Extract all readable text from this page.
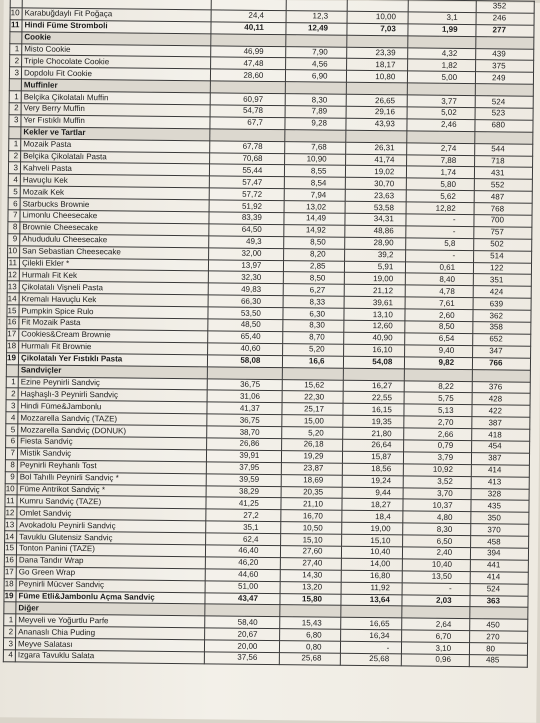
						352
10	Karabuğdaylı Fit Poğaça	24,4	12,3	10,00	3,1	246
11	Hindi Füme Stromboli	40,11	12,49	7,03	1,99	277
	Cookie					
1	Misto Cookie	46,99	7,90	23,39	4,32	439
2	Triple Chocolate Cookie	47,48	4,56	18,17	1,82	375
3	Dopdolu Fit Cookie	28,60	6,90	10,80	5,00	249
	Muffinler					
1	Belçika Çikolatalı Muffin	60,97	8,30	26,65	3,77	524
2	Very Berry Muffin	54,78	7,89	29,16	5,02	523
3	Yer Fıstıklı Muffin	67,7	9,28	43,93	2,46	680
	Kekler ve Tartlar					
1	Mozaik Pasta	67,78	7,68	26,31	2,74	544
2	Belçika Çikolatalı Pasta	70,68	10,90	41,74	7,88	718
3	Kahveli Pasta	55,44	8,55	19,02	1,74	431
4	Havuçlu Kek	57,47	8,54	30,70	5,80	552
5	Mozaik Kek	57,72	7,94	23,63	5,62	487
6	Starbucks Brownie	51,92	13,02	53,58	12,82	768
7	Limonlu Cheesecake	83,39	14,49	34,31	-	700
8	Brownie Cheesecake	64,50	14,92	48,86	-	757
9	Ahududulu Cheesecake	49,3	8,50	28,90	5,8	502
10	San Sebastian Cheesecake	32,00	8,20	39,2	-	514
11	Çilekli Ekler *	13,97	2,85	5,91	0,61	122
12	Hurmalı Fit Kek	32,30	8,50	19,00	8,40	351
13	Çikolatalı Vişneli Pasta	49,83	6,27	21,12	4,78	424
14	Kremalı Havuçlu Kek	66,30	8,33	39,61	7,61	639
15	Pumpkin Spice Rulo	53,50	6,30	13,10	2,60	362
16	Fit Mozaik Pasta	48,50	8,30	12,60	8,50	358
17	Cookies&Cream Brownie	65,40	8,70	40,90	6,54	652
18	Hurmalı Fit Brownie	40,60	5,20	16,10	9,40	347
19	Çikolatalı Yer Fıstıklı Pasta	58,08	16,6	54,08	9,82	766
	Sandviçler					
1	Ezine Peynirli Sandviç	36,75	15,62	16,27	8,22	376
2	Haşhaşlı-3 Peynirli Sandviç	31,06	22,30	22,55	5,75	428
3	Hindi Füme&Jambonlu	41,37	25,17	16,15	5,13	422
4	Mozzarella Sandviç (TAZE)	36,75	15,00	19,35	2,70	387
5	Mozzarella Sandviç (DONUK)	38,70	5,20	21,80	2,66	418
6	Fiesta Sandviç	26,86	26,18	26,64	0,79	454
7	Mistik Sandviç	39,91	19,29	15,87	3,79	387
8	Peynirli Reyhanlı Tost	37,95	23,87	18,56	10,92	414
9	Bol Tahıllı Peynirli Sandviç *	39,59	18,69	19,24	3,52	413
10	Füme Antrikot Sandviç *	38,29	20,35	9,44	3,70	328
11	Kumru Sandviç (TAZE)	41,25	21,10	18,27	10,37	435
12	Omlet Sandviç	27,2	16,70	18,4	4,80	350
13	Avokadolu Peynirli Sandviç	35,1	10,50	19,00	8,30	370
14	Tavuklu Glutensiz Sandviç	62,4	15,10	15,10	6,50	458
15	Tonton Panini (TAZE)	46,40	27,60	10,40	2,40	394
16	Dana Tandır Wrap	46,20	27,40	14,00	10,40	441
17	Go Green Wrap	44,60	14,30	16,80	13,50	414
18	Peynirli Mücver Sandviç	51,00	13,20	11,92	-	524
19	Füme Etli&Jambonlu Açma Sandviç	43,47	15,80	13,64	2,03	363
	Diğer					
1	Meyveli ve Yoğurtlu Parfe	58,40	15,43	16,65	2,64	450
2	Ananaslı Chia Puding	20,67	6,80	16,34	6,70	270
3	Meyve Salatası	20,00	0,80	-	3,10	80
4	Izgara Tavuklu Salata	37,56	25,68	25,68	0,96	485
